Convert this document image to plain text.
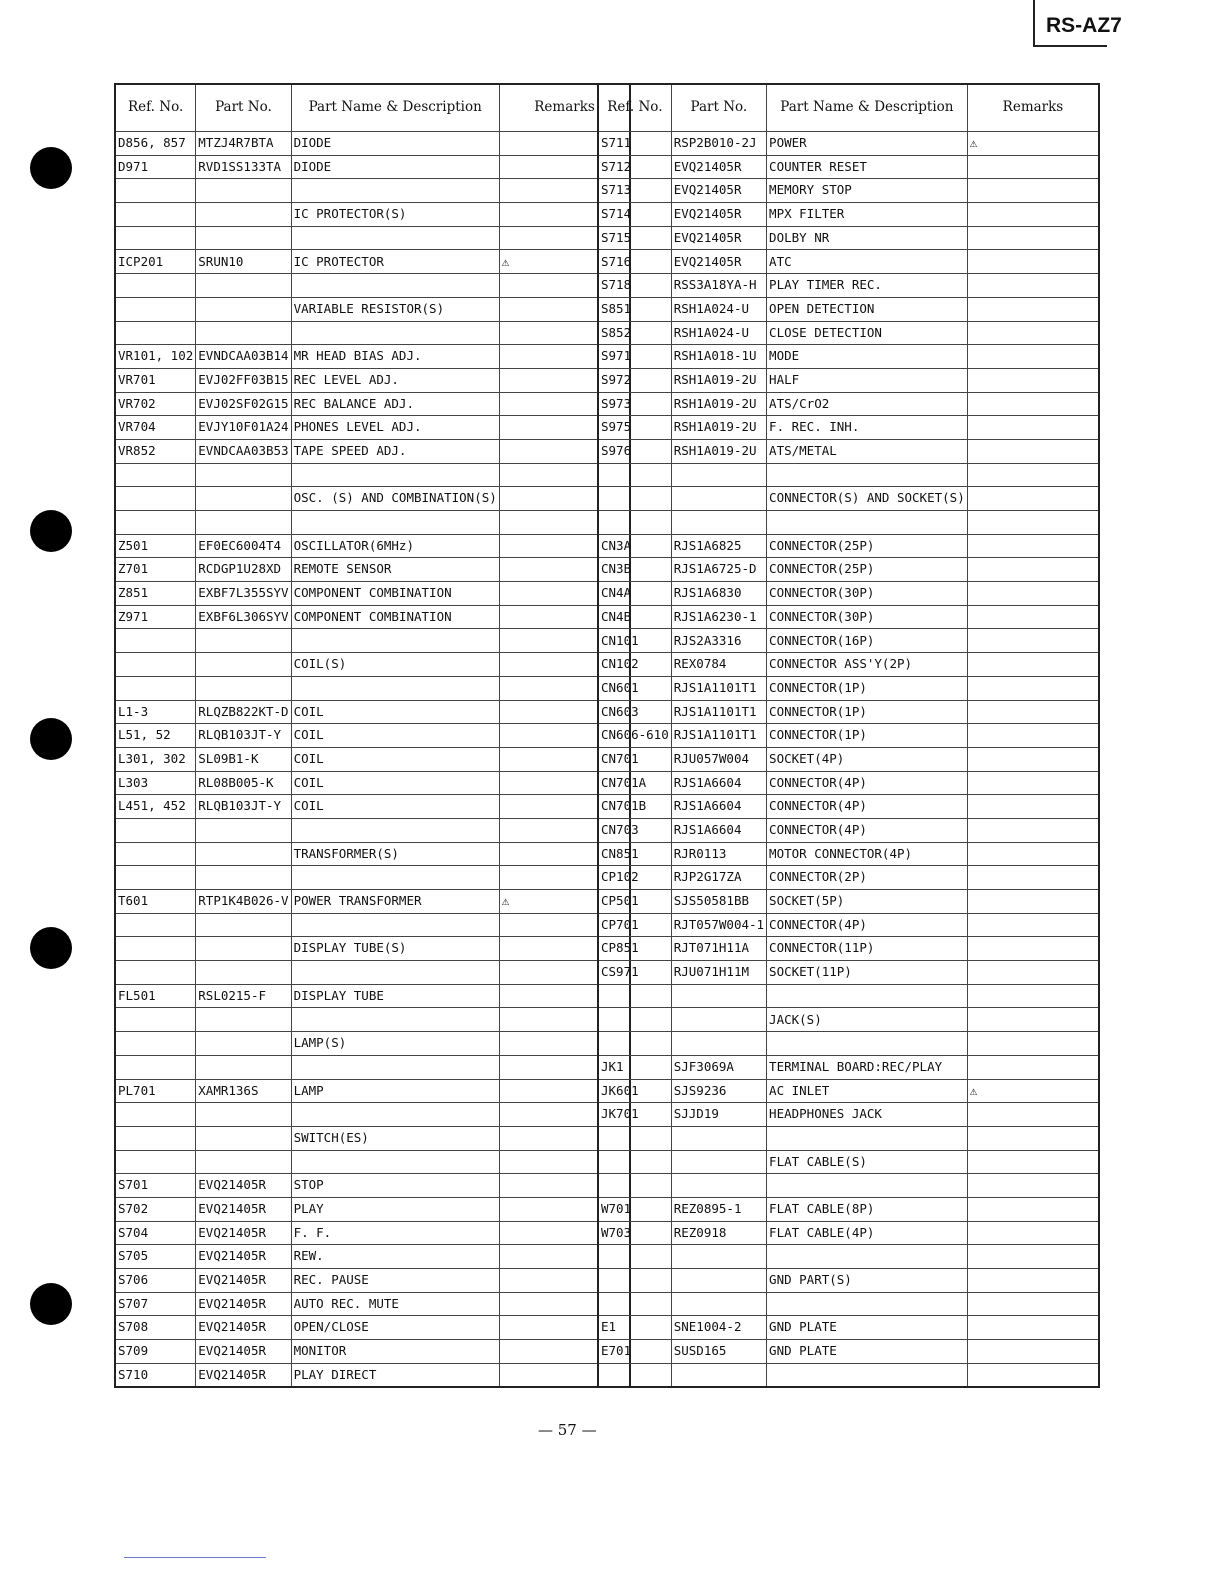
RS-AZ7
Ref. No.	Part No.	Part Name & Description	Remarks
D856, 857	MTZJ4R7BTA	DIODE	
D971	RVD1SS133TA	DIODE	

		IC PROTECTOR(S)	

ICP201	SRUN10	IC PROTECTOR	⚠

		VARIABLE RESISTOR(S)	

VR101, 102	EVNDCAA03B14	MR HEAD BIAS ADJ.	
VR701	EVJ02FF03B15	REC LEVEL ADJ.	
VR702	EVJ02SF02G15	REC BALANCE ADJ.	
VR704	EVJY10F01A24	PHONES LEVEL ADJ.	
VR852	EVNDCAA03B53	TAPE SPEED ADJ.	

		OSC. (S) AND COMBINATION(S)	

Z501	EF0EC6004T4	OSCILLATOR(6MHz)	
Z701	RCDGP1U28XD	REMOTE SENSOR	
Z851	EXBF7L355SYV	COMPONENT COMBINATION	
Z971	EXBF6L306SYV	COMPONENT COMBINATION	

		COIL(S)	

L1-3	RLQZB822KT-D	COIL	
L51, 52	RLQB103JT-Y	COIL	
L301, 302	SL09B1-K	COIL	
L303	RL08B005-K	COIL	
L451, 452	RLQB103JT-Y	COIL	

		TRANSFORMER(S)	

T601	RTP1K4B026-V	POWER TRANSFORMER	⚠

		DISPLAY TUBE(S)	

FL501	RSL0215-F	DISPLAY TUBE	

		LAMP(S)	

PL701	XAMR136S	LAMP	

		SWITCH(ES)	

S701	EVQ21405R	STOP	
S702	EVQ21405R	PLAY	
S704	EVQ21405R	F. F.	
S705	EVQ21405R	REW.	
S706	EVQ21405R	REC. PAUSE	
S707	EVQ21405R	AUTO REC. MUTE	
S708	EVQ21405R	OPEN/CLOSE	
S709	EVQ21405R	MONITOR	
S710	EVQ21405R	PLAY DIRECT	
Ref. No.	Part No.	Part Name & Description	Remarks
S711	RSP2B010-2J	POWER	⚠
S712	EVQ21405R	COUNTER RESET	
S713	EVQ21405R	MEMORY STOP	
S714	EVQ21405R	MPX FILTER	
S715	EVQ21405R	DOLBY NR	
S716	EVQ21405R	ATC	
S718	RSS3A18YA-H	PLAY TIMER REC.	
S851	RSH1A024-U	OPEN DETECTION	
S852	RSH1A024-U	CLOSE DETECTION	
S971	RSH1A018-1U	MODE	
S972	RSH1A019-2U	HALF	
S973	RSH1A019-2U	ATS/CrO2	
S975	RSH1A019-2U	F. REC. INH.	
S976	RSH1A019-2U	ATS/METAL	

		CONNECTOR(S) AND SOCKET(S)	

CN3A	RJS1A6825	CONNECTOR(25P)	
CN3B	RJS1A6725-D	CONNECTOR(25P)	
CN4A	RJS1A6830	CONNECTOR(30P)	
CN4B	RJS1A6230-1	CONNECTOR(30P)	
CN101	RJS2A3316	CONNECTOR(16P)	
CN102	REX0784	CONNECTOR ASS'Y(2P)	
CN601	RJS1A1101T1	CONNECTOR(1P)	
CN603	RJS1A1101T1	CONNECTOR(1P)	
CN606-610	RJS1A1101T1	CONNECTOR(1P)	
CN701	RJU057W004	SOCKET(4P)	
CN701A	RJS1A6604	CONNECTOR(4P)	
CN701B	RJS1A6604	CONNECTOR(4P)	
CN703	RJS1A6604	CONNECTOR(4P)	
CN851	RJR0113	MOTOR CONNECTOR(4P)	
CP102	RJP2G17ZA	CONNECTOR(2P)	
CP501	SJS50581BB	SOCKET(5P)	
CP701	RJT057W004-1	CONNECTOR(4P)	
CP851	RJT071H11A	CONNECTOR(11P)	
CS971	RJU071H11M	SOCKET(11P)	

		JACK(S)	

JK1	SJF3069A	TERMINAL BOARD:REC/PLAY	
JK601	SJS9236	AC INLET	⚠
JK701	SJJD19	HEADPHONES JACK	

		FLAT CABLE(S)	

W701	REZ0895-1	FLAT CABLE(8P)	
W703	REZ0918	FLAT CABLE(4P)	

		GND PART(S)	

E1	SNE1004-2	GND PLATE	
E701	SUSD165	GND PLATE	

— 57 —
